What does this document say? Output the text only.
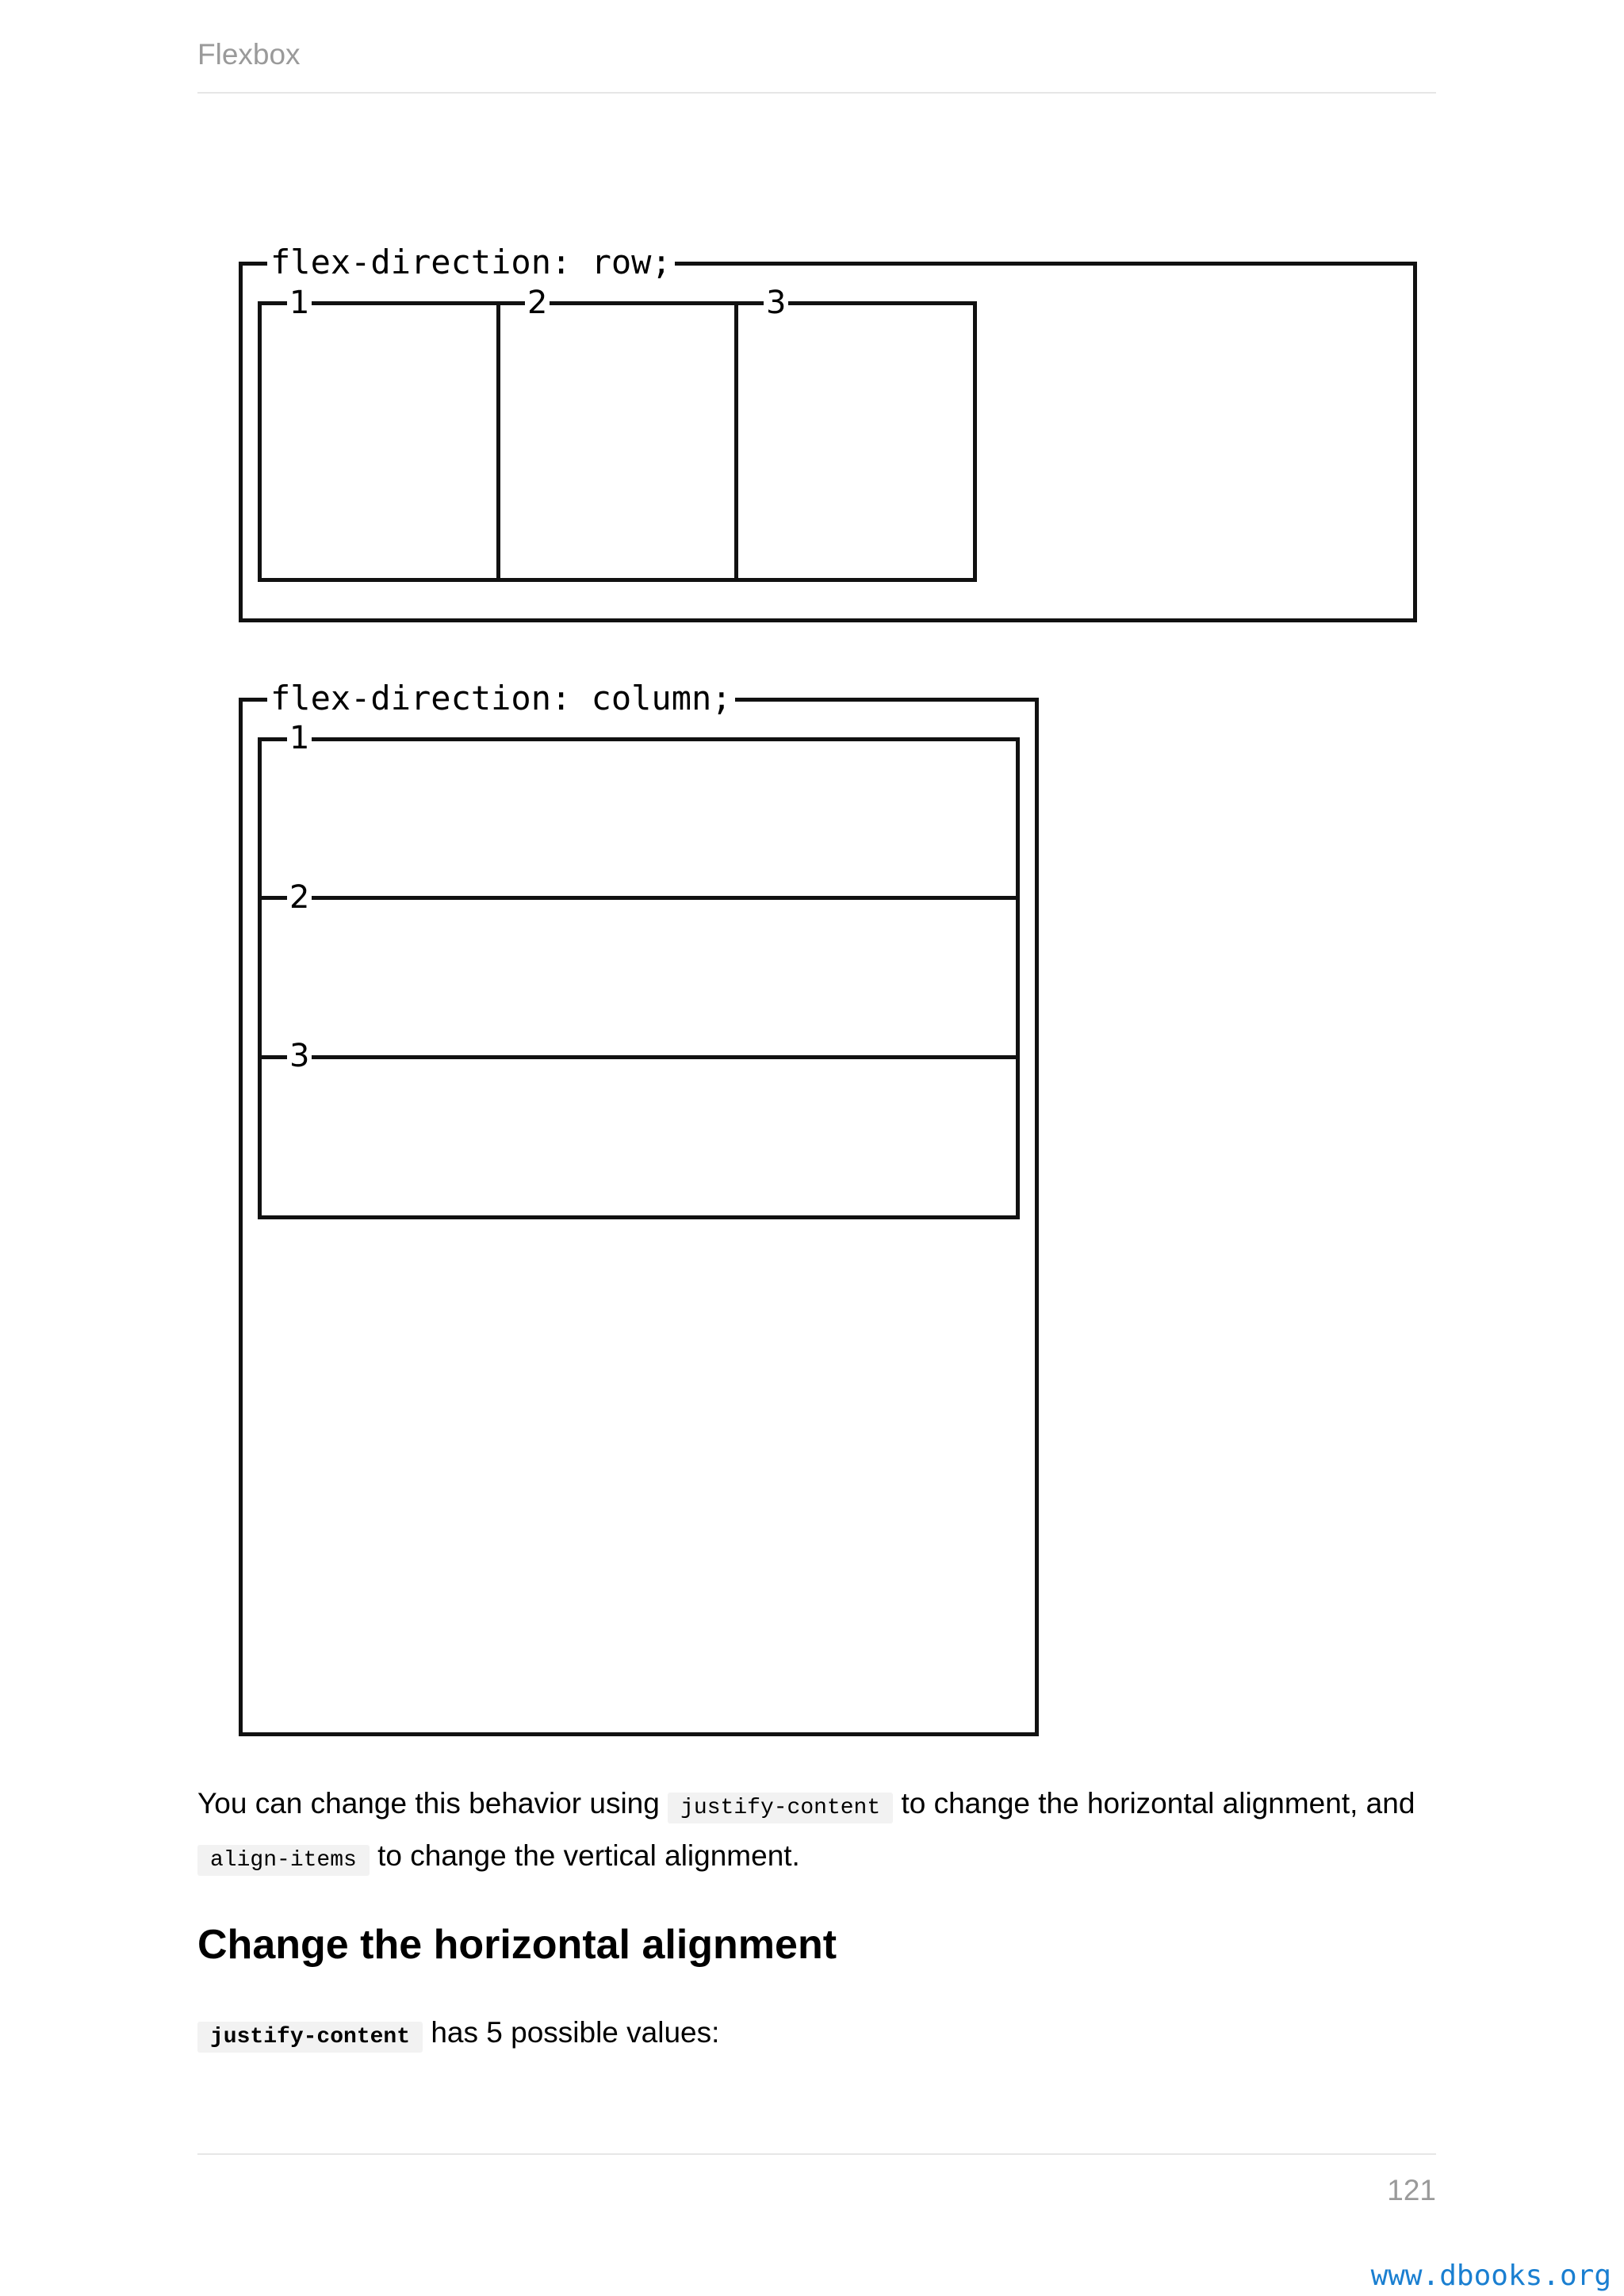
Flexbox
flex-direction: row;
1	2	3
flex-direction: column;
1
2
3

You can change this behavior using justify-content to change the horizontal alignment, and
align-items to change the vertical alignment.

Change the horizontal alignment

justify-content has 5 possible values:

121
www.dbooks.org
